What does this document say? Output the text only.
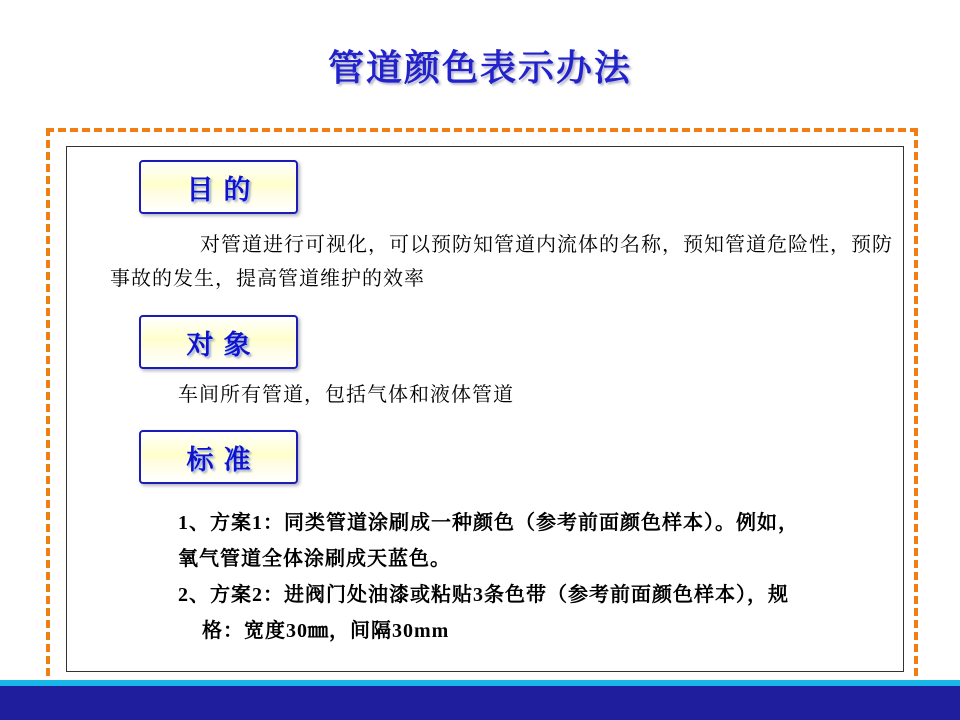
管道颜色表示办法
目的
对管道进行可视化，可以预防知管道内流体的名称，预知管道危险性，预防事故的发生，提高管道维护的效率
对象
车间所有管道，包括气体和液体管道
标准
1、方案1：同类管道涂刷成一种颜色（参考前面颜色样本）。例如，
氧气管道全体涂刷成天蓝色。
2、方案2：进阀门处油漆或粘贴3条色带（参考前面颜色样本），规
格：宽度30㎜，间隔30mm
